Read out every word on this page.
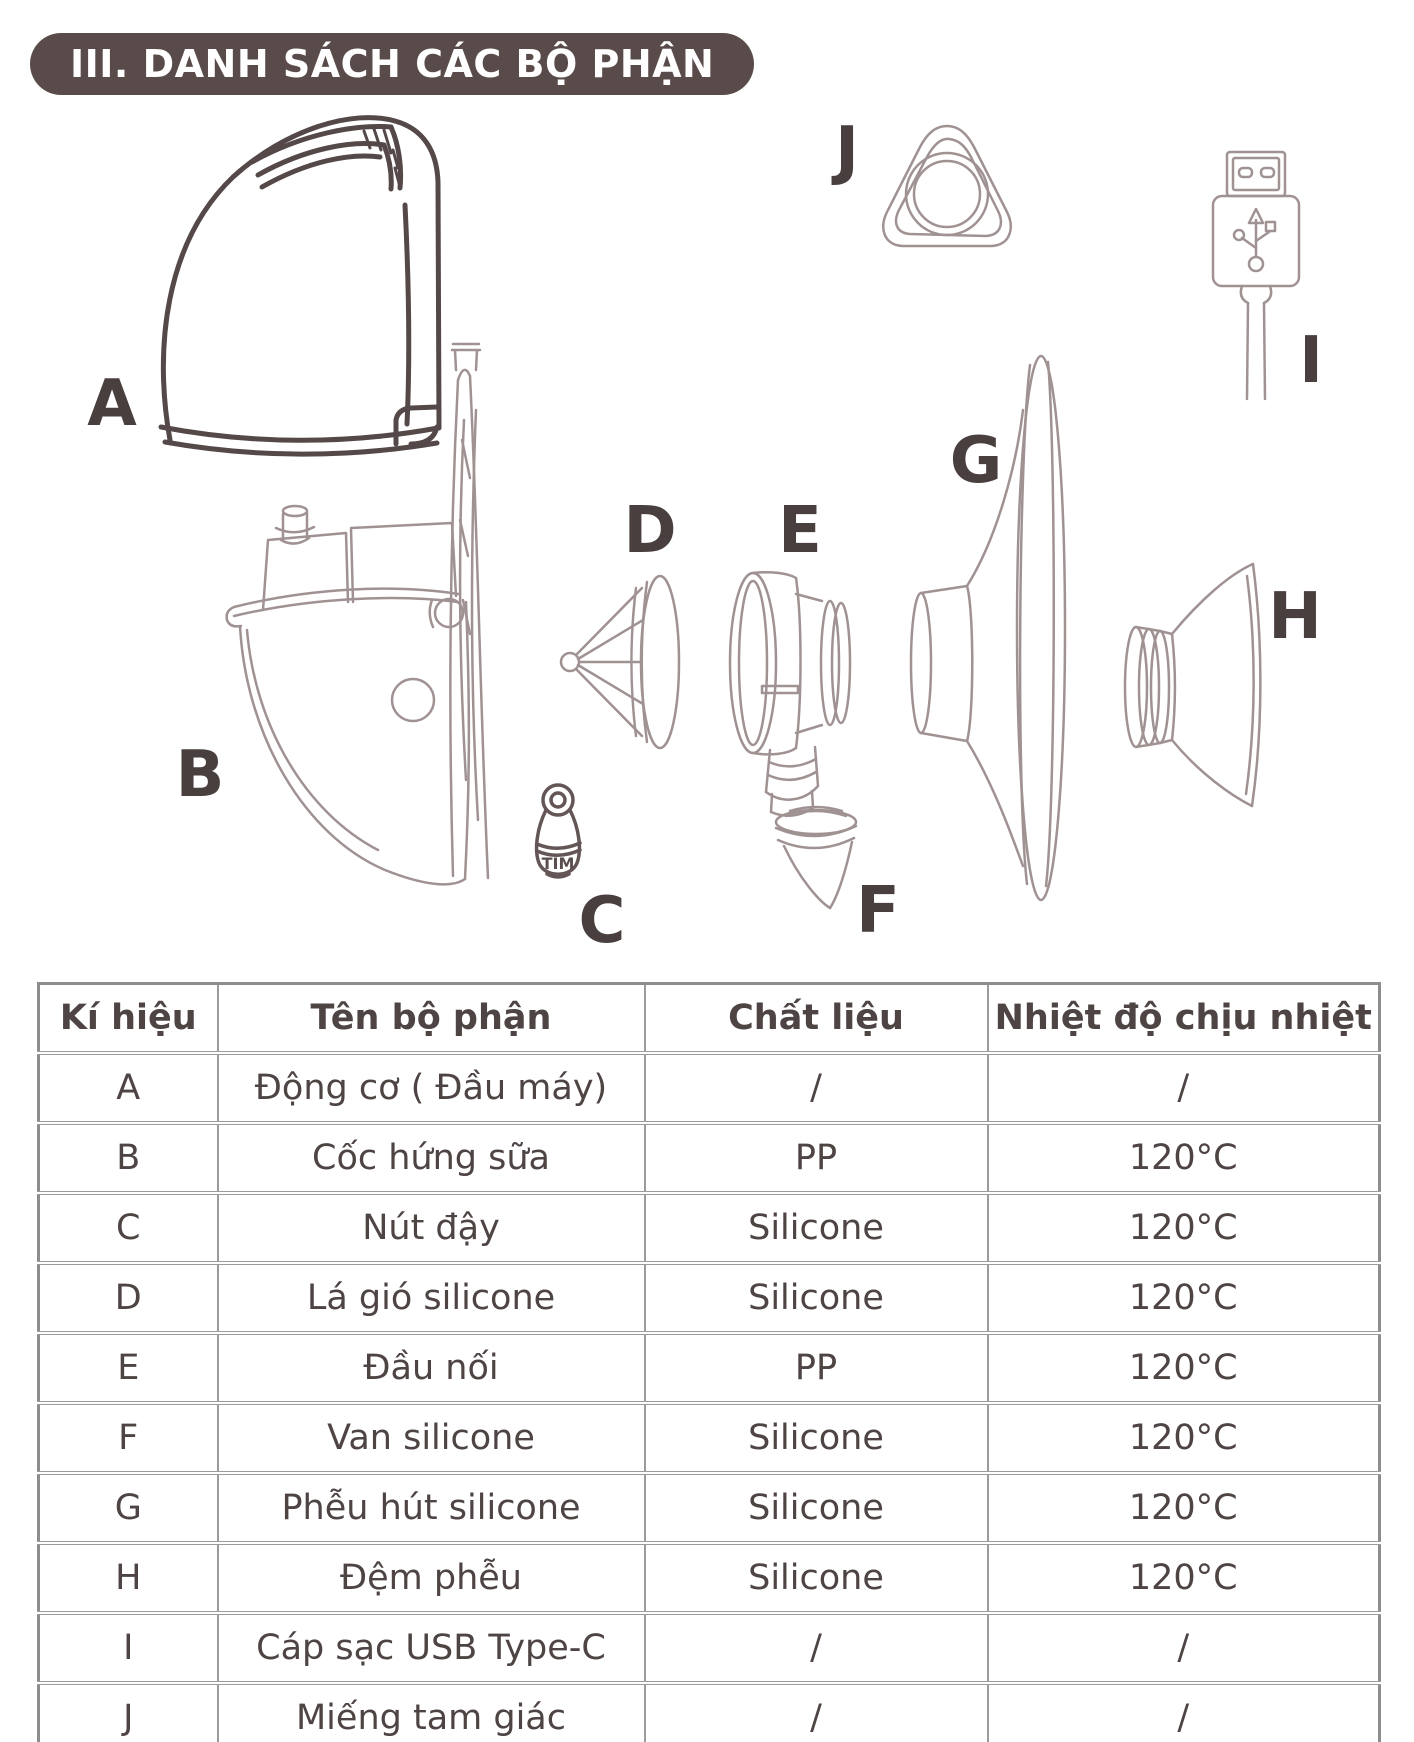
III. DANH SÁCH CÁC BỘ PHẬN
TIM
A
B
C
D E
F
G
H
I
J
Kí hiệu	Tên bộ phận	Chất liệu	Nhiệt độ chịu nhiệt
A	Động cơ ( Đầu máy)	/	/
B	Cốc hứng sữa	PP	120°C
C	Nút đậy	Silicone	120°C
D	Lá gió silicone	Silicone	120°C
E	Đầu nối	PP	120°C
F	Van silicone	Silicone	120°C
G	Phễu hút silicone	Silicone	120°C
H	Đệm phễu	Silicone	120°C
I	Cáp sạc USB Type-C	/	/
J	Miếng tam giác	/	/
